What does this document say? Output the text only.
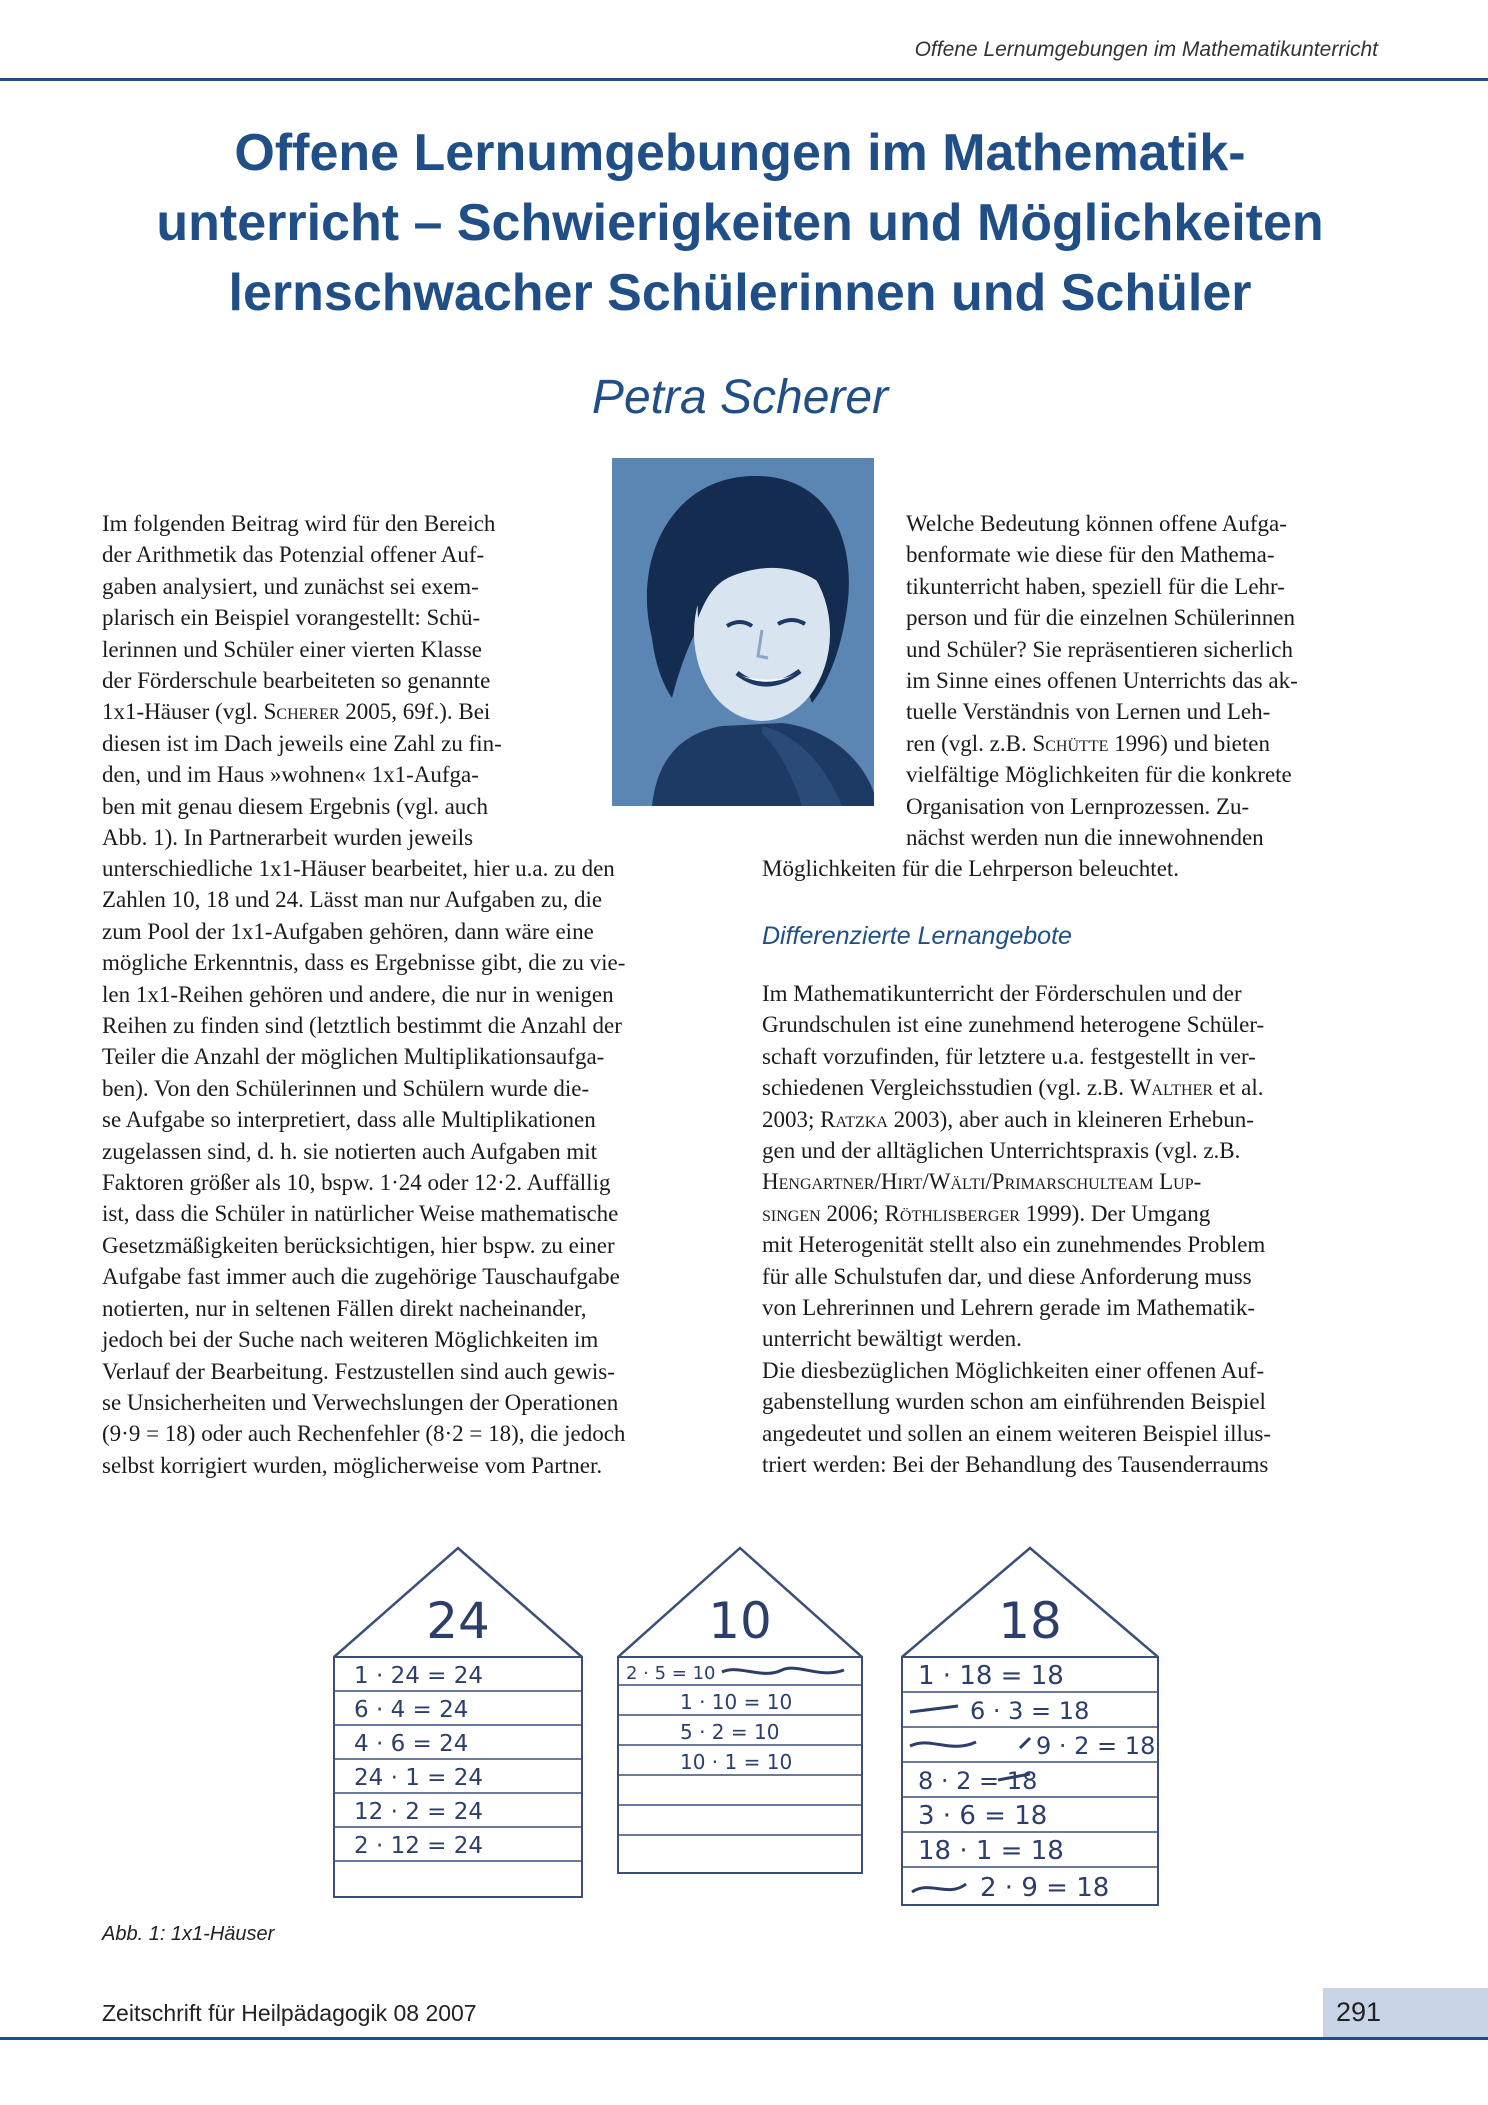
Offene Lernumgebungen im Mathematikunterricht
Offene Lernumgebungen im Mathematik-
unterricht – Schwierigkeiten und Möglichkeiten
lernschwacher Schülerinnen und Schüler
Petra Scherer

Im folgenden Beitrag wird für den Bereich
der Arithmetik das Potenzial offener Auf-
gaben analysiert, und zunächst sei exem-
plarisch ein Beispiel vorangestellt: Schü-
lerinnen und Schüler einer vierten Klasse
der Förderschule bearbeiteten so genannte
1x1-Häuser (vgl. Scherer 2005, 69f.). Bei
diesen ist im Dach jeweils eine Zahl zu fin-
den, und im Haus »wohnen« 1x1-Aufga-
ben mit genau diesem Ergebnis (vgl. auch
Abb. 1). In Partnerarbeit wurden jeweils

unterschiedliche 1x1-Häuser bearbeitet, hier u.a. zu den
Zahlen 10, 18 und 24. Lässt man nur Aufgaben zu, die
zum Pool der 1x1-Aufgaben gehören, dann wäre eine
mögliche Erkenntnis, dass es Ergebnisse gibt, die zu vie-
len 1x1-Reihen gehören und andere, die nur in wenigen
Reihen zu finden sind (letztlich bestimmt die Anzahl der
Teiler die Anzahl der möglichen Multiplikationsaufga-
ben). Von den Schülerinnen und Schülern wurde die-
se Aufgabe so interpretiert, dass alle Multiplikationen
zugelassen sind, d. h. sie notierten auch Aufgaben mit
Faktoren größer als 10, bspw. 1·24 oder 12·2. Auffällig
ist, dass die Schüler in natürlicher Weise mathematische
Gesetzmäßigkeiten berücksichtigen, hier bspw. zu einer
Aufgabe fast immer auch die zugehörige Tauschaufgabe
notierten, nur in seltenen Fällen direkt nacheinander,
jedoch bei der Suche nach weiteren Möglichkeiten im
Verlauf der Bearbeitung. Festzustellen sind auch gewis-
se Unsicherheiten und Verwechslungen der Operationen
(9·9 = 18) oder auch Rechenfehler (8·2 = 18), die jedoch
selbst korrigiert wurden, möglicherweise vom Partner.

Welche Bedeutung können offene Aufga-
benformate wie diese für den Mathema-
tikunterricht haben, speziell für die Lehr-
person und für die einzelnen Schülerinnen
und Schüler? Sie repräsentieren sicherlich
im Sinne eines offenen Unterrichts das ak-
tuelle Verständnis von Lernen und Leh-
ren (vgl. z.B. Schütte 1996) und bieten
vielfältige Möglichkeiten für die konkrete
Organisation von Lernprozessen. Zu-
nächst werden nun die innewohnenden

Möglichkeiten für die Lehrperson beleuchtet.
Differenzierte Lernangebote

Im Mathematikunterricht der Förderschulen und der
Grundschulen ist eine zunehmend heterogene Schüler-
schaft vorzufinden, für letztere u.a. festgestellt in ver-
schiedenen Vergleichsstudien (vgl. z.B. Walther et al.
2003; Ratzka 2003), aber auch in kleineren Erhebun-
gen und der alltäglichen Unterrichtspraxis (vgl. z.B.
Hengartner/Hirt/Wälti/Primarschulteam Lup-
singen 2006; Röthlisberger 1999). Der Umgang
mit Heterogenität stellt also ein zunehmendes Problem
für alle Schulstufen dar, und diese Anforderung muss
von Lehrerinnen und Lehrern gerade im Mathematik-
unterricht bewältigt werden.

Die diesbezüglichen Möglichkeiten einer offenen Auf-
gabenstellung wurden schon am einführenden Beispiel
angedeutet und sollen an einem weiteren Beispiel illus-
triert werden: Bei der Behandlung des Tausenderraums

24
1 · 24 = 24
6 · 4 = 24
4 · 6 = 24
24 · 1 = 24
12 · 2 = 24
2 · 12 = 24
10
2 · 5 = 10
1 · 10 = 10
5 · 2 = 10
10 · 1 = 10
18
1 · 18 = 18
6 · 3 = 18
9 · 2 = 18
8 · 2 = 18
3 · 6 = 18
18 · 1 = 18
2 · 9 = 18
Abb. 1: 1x1-Häuser
Zeitschrift für Heilpädagogik 08 2007	291
